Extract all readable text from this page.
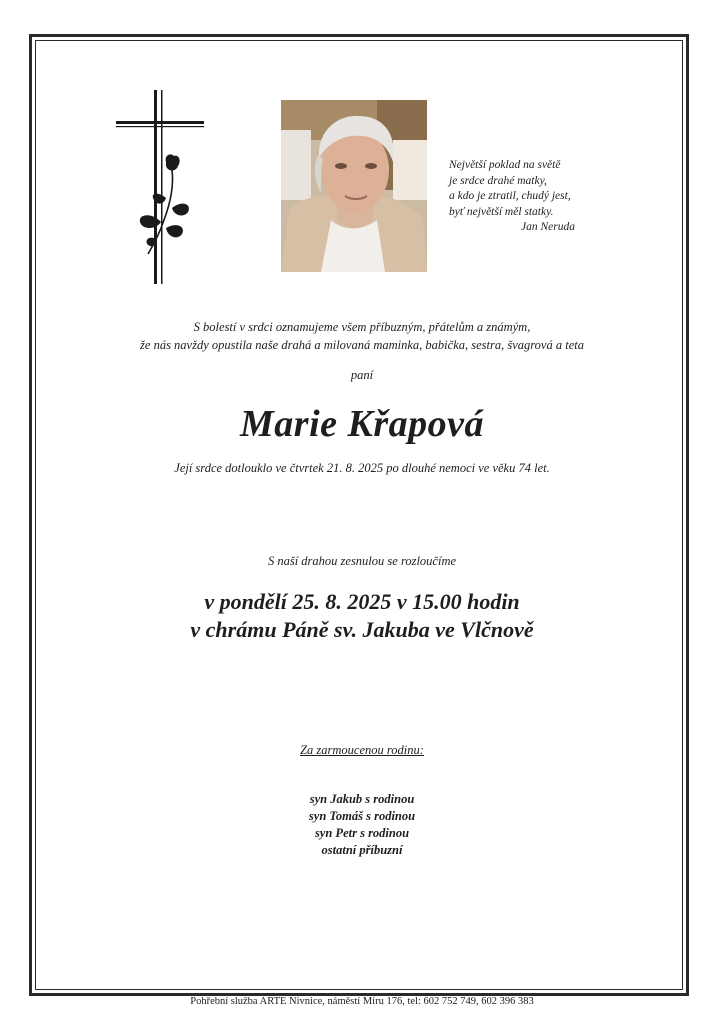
Největší poklad na světě
je srdce drahé matky,
a kdo je ztratil, chudý jest,
byť největší měl statky.
Jan Neruda
S bolestí v srdci oznamujeme všem příbuzným, přátelům a známým,
že nás navždy opustila naše drahá a milovaná maminka, babička, sestra, švagrová a teta
paní
Marie Křapová
Její srdce dotlouklo ve čtvrtek 21. 8. 2025 po dlouhé nemoci ve věku 74 let.
S naší drahou zesnulou se rozloučíme
v pondělí 25. 8. 2025 v 15.00 hodin
v chrámu Páně sv. Jakuba ve Vlčnově
Za zarmoucenou rodinu:
syn Jakub s rodinou
syn Tomáš s rodinou
syn Petr s rodinou
ostatní příbuzní
Pohřební služba ARTE Nivnice, náměstí Míru 176, tel: 602 752 749, 602 396 383
